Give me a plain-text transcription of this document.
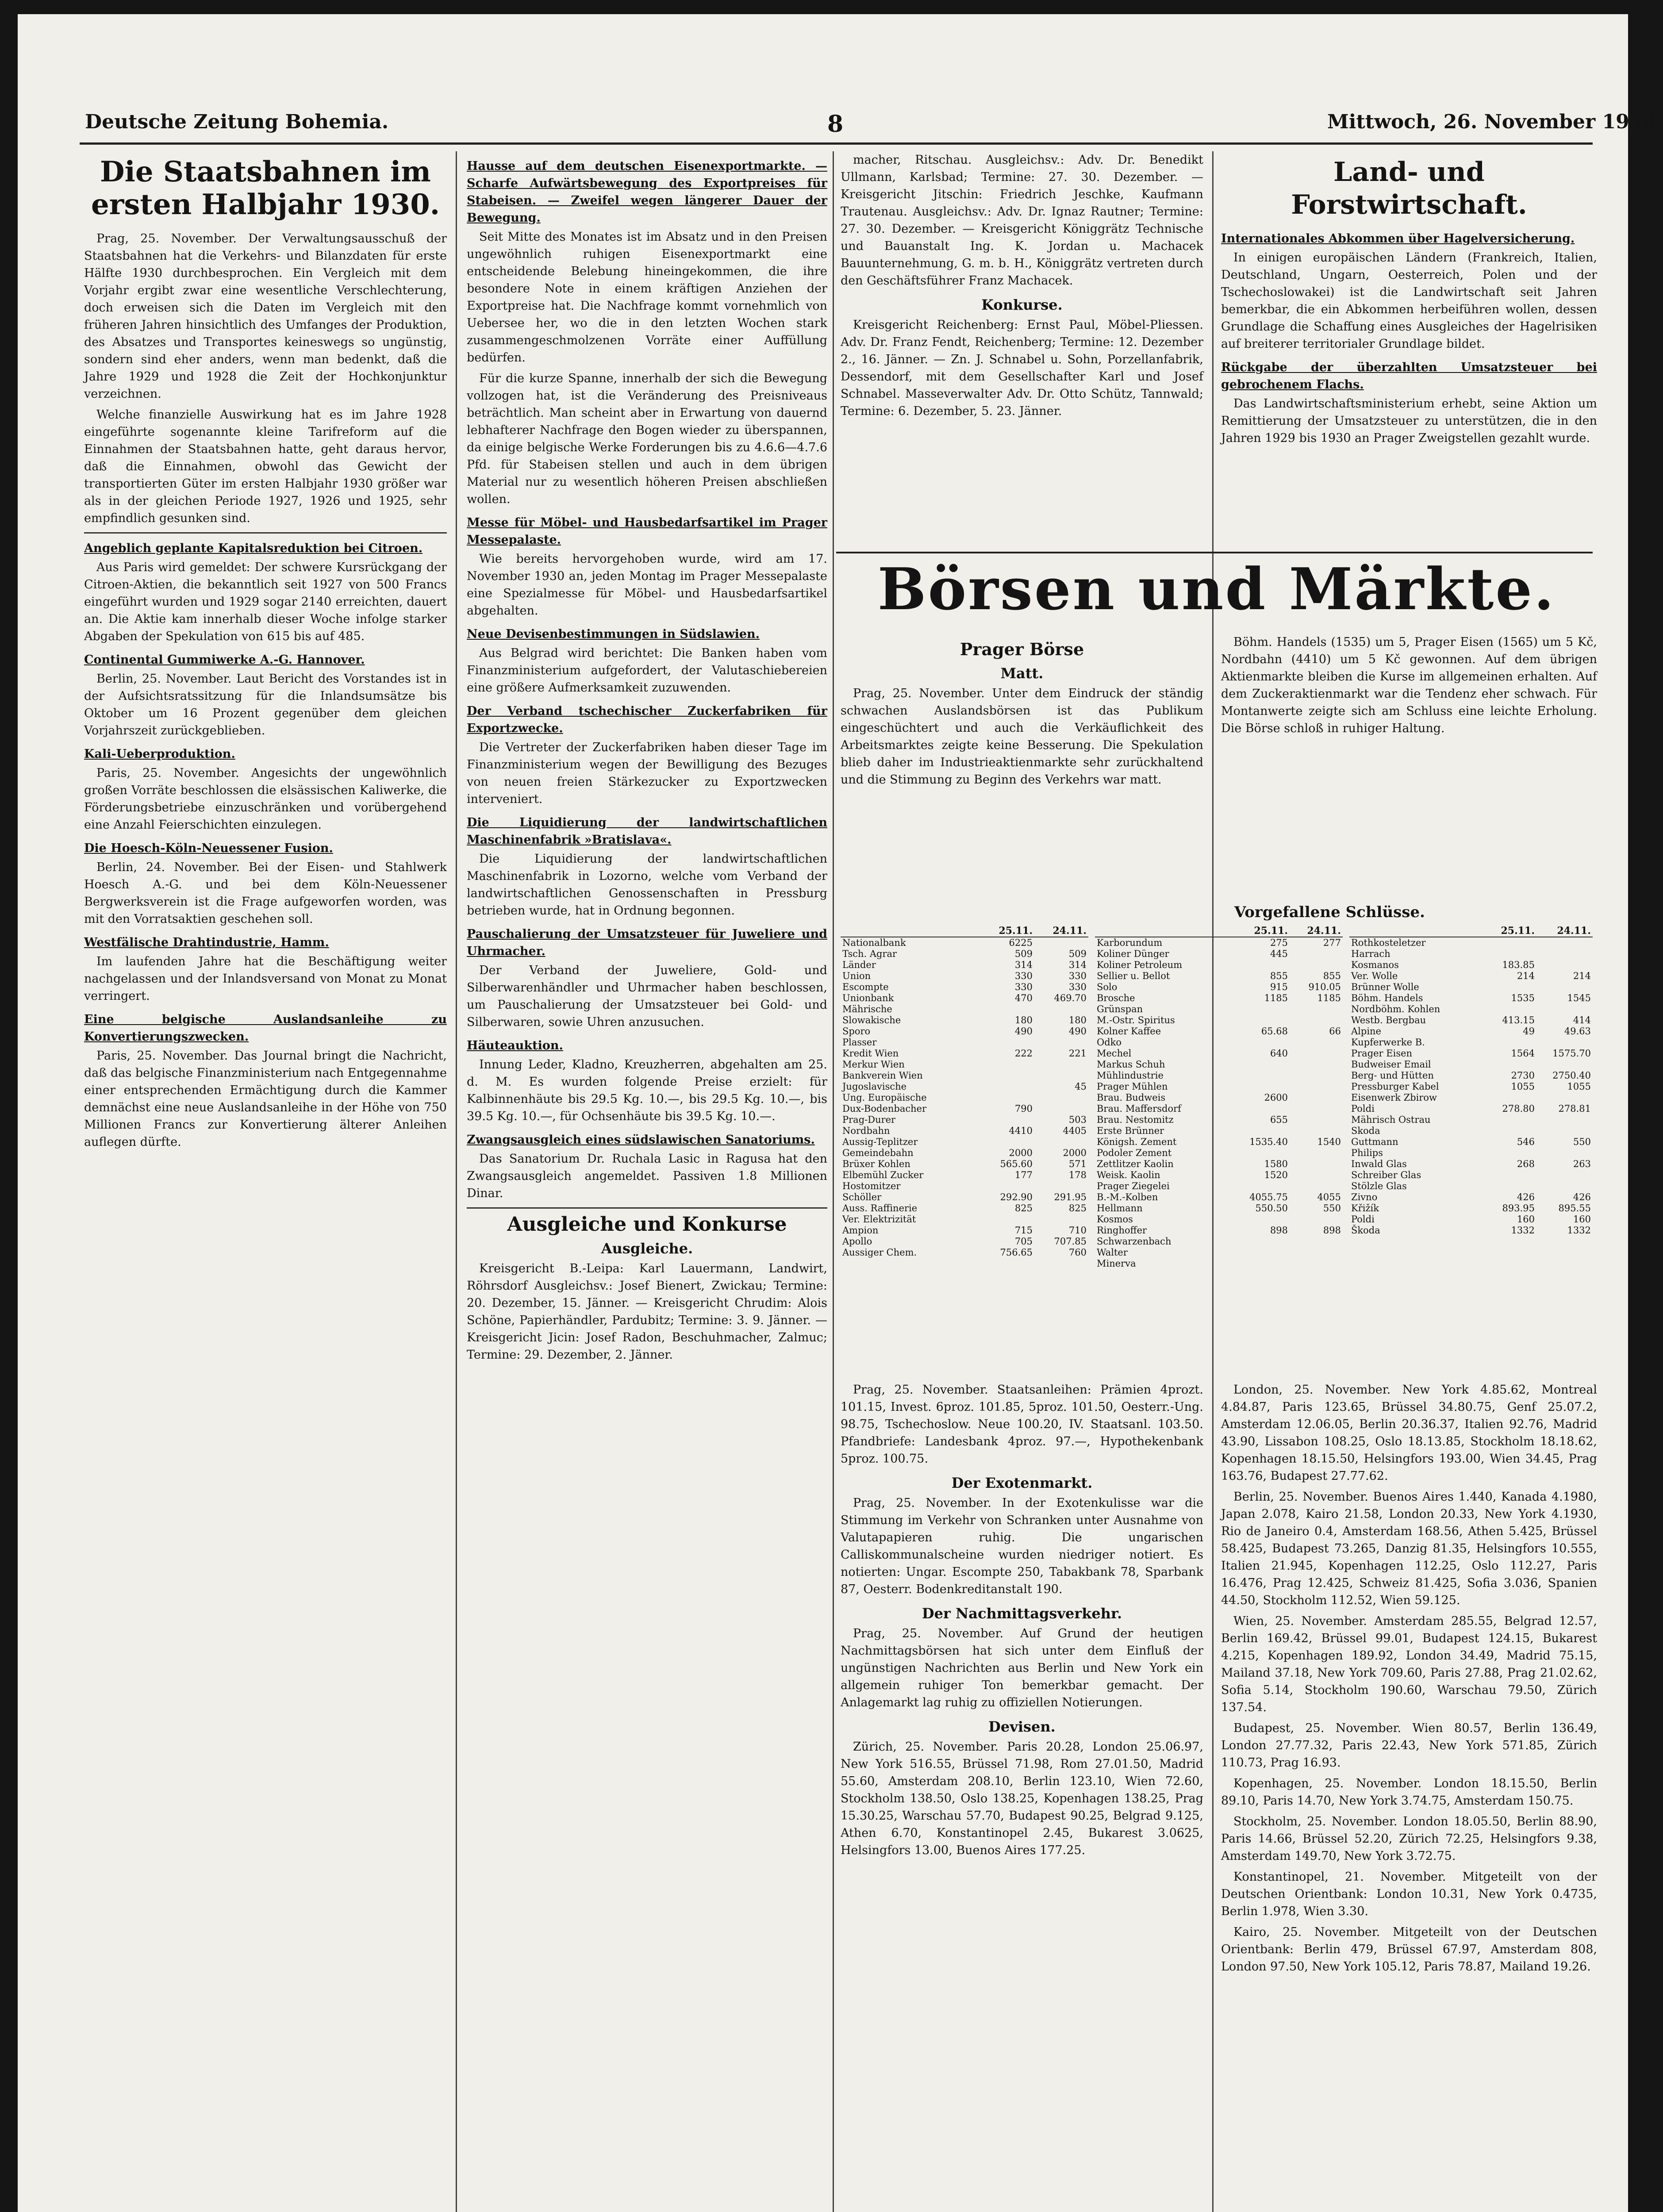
Deutsche Zeitung Bohemia.	8	Mittwoch, 26. November 1930.
Die Staatsbahnen im ersten Halbjahr 1930.

Prag, 25. November. Der Verwaltungsausschuß der Staatsbahnen hat die Verkehrs- und Bilanzdaten für erste Hälfte 1930 durchbesprochen. Ein Vergleich mit dem Vorjahr ergibt zwar eine wesentliche Verschlechterung, doch erweisen sich die Daten im Vergleich mit den früheren Jahren hinsichtlich des Umfanges der Produktion, des Absatzes und Transportes keineswegs so ungünstig, sondern sind eher anders, wenn man bedenkt, daß die Jahre 1929 und 1928 die Zeit der Hochkonjunktur verzeichnen.

Welche finanzielle Auswirkung hat es im Jahre 1928 eingeführte sogenannte kleine Tarifreform auf die Einnahmen der Staatsbahnen hatte, geht daraus hervor, daß die Einnahmen, obwohl das Gewicht der transportierten Güter im ersten Halbjahr 1930 größer war als in der gleichen Periode 1927, 1926 und 1925, sehr empfindlich gesunken sind.

Angeblich geplante Kapitalsreduktion bei Citroen.

Aus Paris wird gemeldet: Der schwere Kursrückgang der Citroen-Aktien, die bekanntlich seit 1927 von 500 Francs eingeführt wurden und 1929 sogar 2140 erreichten, dauert an. Die Aktie kam innerhalb dieser Woche infolge starker Abgaben der Spekulation von 615 bis auf 485.

Continental Gummiwerke A.-G. Hannover.

Berlin, 25. November. Laut Bericht des Vorstandes ist in der Aufsichtsratssitzung für die Inlandsumsätze bis Oktober um 16 Prozent gegenüber dem gleichen Vorjahrszeit zurückgeblieben.

Kali-Ueberproduktion.

Paris, 25. November. Angesichts der ungewöhnlich großen Vorräte beschlossen die elsässischen Kaliwerke, die Förderungsbetriebe einzuschränken und vorübergehend eine Anzahl Feierschichten einzulegen.

Die Hoesch-Köln-Neuessener Fusion.

Berlin, 24. November. Bei der Eisen- und Stahlwerk Hoesch A.-G. und bei dem Köln-Neuessener Bergwerksverein ist die Frage aufgeworfen worden, was mit den Vorratsaktien geschehen soll.

Westfälische Drahtindustrie, Hamm.

Im laufenden Jahre hat die Beschäftigung weiter nachgelassen und der Inlandsversand von Monat zu Monat verringert.

Eine belgische Auslandsanleihe zu Konvertierungszwecken.

Paris, 25. November. Das Journal bringt die Nachricht, daß das belgische Finanzministerium nach Entgegennahme einer entsprechenden Ermächtigung durch die Kammer demnächst eine neue Auslandsanleihe in der Höhe von 750 Millionen Francs zur Konvertierung älterer Anleihen auflegen dürfte.

Hausse auf dem deutschen Eisenexportmarkte. — Scharfe Aufwärtsbewegung des Exportpreises für Stabeisen. — Zweifel wegen längerer Dauer der Bewegung.

Seit Mitte des Monates ist im Absatz und in den Preisen ungewöhnlich ruhigen Eisenexportmarkt eine entscheidende Belebung hineingekommen, die ihre besondere Note in einem kräftigen Anziehen der Exportpreise hat. Die Nachfrage kommt vornehmlich von Uebersee her, wo die in den letzten Wochen stark zusammengeschmolzenen Vorräte einer Auffüllung bedürfen.

Für die kurze Spanne, innerhalb der sich die Bewegung vollzogen hat, ist die Veränderung des Preisniveaus beträchtlich. Man scheint aber in Erwartung von dauernd lebhafterer Nachfrage den Bogen wieder zu überspannen, da einige belgische Werke Forderungen bis zu 4.6.6—4.7.6 Pfd. für Stabeisen stellen und auch in dem übrigen Material nur zu wesentlich höheren Preisen abschließen wollen.

Messe für Möbel- und Hausbedarfsartikel im Prager Messepalaste.

Wie bereits hervorgehoben wurde, wird am 17. November 1930 an, jeden Montag im Prager Messepalaste eine Spezialmesse für Möbel- und Hausbedarfsartikel abgehalten.

Neue Devisenbestimmungen in Südslawien.

Aus Belgrad wird berichtet: Die Banken haben vom Finanzministerium aufgefordert, der Valutaschiebereien eine größere Aufmerksamkeit zuzuwenden.

Der Verband tschechischer Zuckerfabriken für Exportzwecke.

Die Vertreter der Zuckerfabriken haben dieser Tage im Finanzministerium wegen der Bewilligung des Bezuges von neuen freien Stärkezucker zu Exportzwecken interveniert.

Die Liquidierung der landwirtschaftlichen Maschinenfabrik »Bratislava«.

Die Liquidierung der landwirtschaftlichen Maschinenfabrik in Lozorno, welche vom Verband der landwirtschaftlichen Genossenschaften in Pressburg betrieben wurde, hat in Ordnung begonnen.

Pauschalierung der Umsatzsteuer für Juweliere und Uhrmacher.

Der Verband der Juweliere, Gold- und Silberwarenhändler und Uhrmacher haben beschlossen, um Pauschalierung der Umsatzsteuer bei Gold- und Silberwaren, sowie Uhren anzusuchen.

Häuteauktion.

Innung Leder, Kladno, Kreuzherren, abgehalten am 25. d. M. Es wurden folgende Preise erzielt: für Kalbinnenhäute bis 29.5 Kg. 10.—, bis 29.5 Kg. 10.—, bis 39.5 Kg. 10.—, für Ochsenhäute bis 39.5 Kg. 10.—.

Zwangsausgleich eines südslawischen Sanatoriums.

Das Sanatorium Dr. Ruchala Lasic in Ragusa hat den Zwangsausgleich angemeldet. Passiven 1.8 Millionen Dinar.

Ausgleiche und Konkurse
Ausgleiche.

Kreisgericht B.-Leipa: Karl Lauermann, Landwirt, Röhrsdorf Ausgleichsv.: Josef Bienert, Zwickau; Termine: 20. Dezember, 15. Jänner. — Kreisgericht Chrudim: Alois Schöne, Papierhändler, Pardubitz; Termine: 3. 9. Jänner. — Kreisgericht Jicin: Josef Radon, Beschuhmacher, Zalmuc; Termine: 29. Dezember, 2. Jänner.

macher, Ritschau. Ausgleichsv.: Adv. Dr. Benedikt Ullmann, Karlsbad; Termine: 27. 30. Dezember. — Kreisgericht Jitschin: Friedrich Jeschke, Kaufmann Trautenau. Ausgleichsv.: Adv. Dr. Ignaz Rautner; Termine: 27. 30. Dezember. — Kreisgericht Königgrätz Technische und Bauanstalt Ing. K. Jordan u. Machacek Bauunternehmung, G. m. b. H., Königgrätz vertreten durch den Geschäftsführer Franz Machacek.

Konkurse.

Kreisgericht Reichenberg: Ernst Paul, Möbel-Pliessen. Adv. Dr. Franz Fendt, Reichenberg; Termine: 12. Dezember 2., 16. Jänner. — Zn. J. Schnabel u. Sohn, Porzellanfabrik, Dessendorf, mit dem Gesellschafter Karl und Josef Schnabel. Masseverwalter Adv. Dr. Otto Schütz, Tannwald; Termine: 6. Dezember, 5. 23. Jänner.

Land- und Forstwirtschaft.
Internationales Abkommen über Hagelversicherung.

In einigen europäischen Ländern (Frankreich, Italien, Deutschland, Ungarn, Oesterreich, Polen und der Tschechoslowakei) ist die Landwirtschaft seit Jahren bemerkbar, die ein Abkommen herbeiführen wollen, dessen Grundlage die Schaffung eines Ausgleiches der Hagelrisiken auf breiterer territorialer Grundlage bildet.

Rückgabe der überzahlten Umsatzsteuer bei gebrochenem Flachs.

Das Landwirtschaftsministerium erhebt, seine Aktion um Remittierung der Umsatzsteuer zu unterstützen, die in den Jahren 1929 bis 1930 an Prager Zweigstellen gezahlt wurde.

Börsen und Märkte.
Prager Börse
Matt.

Prag, 25. November. Unter dem Eindruck der ständig schwachen Auslandsbörsen ist das Publikum eingeschüchtert und auch die Verkäuflichkeit des Arbeitsmarktes zeigte keine Besserung. Die Spekulation blieb daher im Industrieaktienmarkte sehr zurückhaltend und die Stimmung zu Beginn des Verkehrs war matt.

Böhm. Handels (1535) um 5, Prager Eisen (1565) um 5 Kč, Nordbahn (4410) um 5 Kč gewonnen. Auf dem übrigen Aktienmarkte bleiben die Kurse im allgemeinen erhalten. Auf dem Zuckeraktienmarkt war die Tendenz eher schwach. Für Montanwerte zeigte sich am Schluss eine leichte Erholung. Die Börse schloß in ruhiger Haltung.

Vorgefallene Schlüsse.
	25.11.	24.11.
Nationalbank	6225	
Tsch. Agrar	509	509
Länder	314	314
Union	330	330
Escompte	330	330
Unionbank	470	469.70
Mährische		
Slowakische	180	180
Sporo	490	490
Plasser		
Kredit Wien	222	221
Merkur Wien		
Bankverein Wien		
Jugoslavische		45
Ung. Europäische		
Dux-Bodenbacher	790	
Prag-Durer		503
Nordbahn	4410	4405
Aussig-Teplitzer		
Gemeindebahn	2000	2000
Brüxer Kohlen	565.60	571
Elbemühl Zucker	177	178
Hostomitzer		
Schöller	292.90	291.95
Auss. Raffinerie	825	825
Ver. Elektrizität		
Ampion	715	710
Apollo	705	707.85
Aussiger Chem.	756.65	760
	25.11.	24.11.
Karborundum	275	277
Koliner Dünger	445	
Koliner Petroleum		
Sellier u. Bellot	855	855
Solo	915	910.05
Brosche	1185	1185
Grünspan		
M.-Ostr. Spiritus		
Kolner Kaffee	65.68	66
Odko		
Mechel	640	
Markus Schuh		
Mühlindustrie		
Prager Mühlen		
Brau. Budweis	2600	
Brau. Maffersdorf		
Brau. Nestomitz	655	
Erste Brünner		
Königsh. Zement	1535.40	1540
Podoler Zement		
Zettlitzer Kaolin	1580	
Weisk. Kaolin	1520	
Prager Ziegelei		
B.-M.-Kolben	4055.75	4055
Hellmann	550.50	550
Kosmos		
Ringhoffer	898	898
Schwarzenbach		
Walter		
Minerva		
	25.11.	24.11.
Rothkosteletzer		
Harrach		
Kosmanos	183.85	
Ver. Wolle	214	214
Brünner Wolle		
Böhm. Handels	1535	1545
Nordböhm. Kohlen		
Westb. Bergbau	413.15	414
Alpine	49	49.63
Kupferwerke B.		
Prager Eisen	1564	1575.70
Budweiser Email		
Berg- und Hütten	2730	2750.40
Pressburger Kabel	1055	1055
Eisenwerk Zbirow		
Poldi	278.80	278.81
Mährisch Ostrau		
Skoda		
Guttmann	546	550
Philips		
Inwald Glas	268	263
Schreiber Glas		
Stölzle Glas		
Zivno	426	426
Křižík	893.95	895.55
Poldi	160	160
Škoda	1332	1332

Prag, 25. November. Staatsanleihen: Prämien 4prozt. 101.15, Invest. 6proz. 101.85, 5proz. 101.50, Oesterr.-Ung. 98.75, Tschechoslow. Neue 100.20, IV. Staatsanl. 103.50. Pfandbriefe: Landesbank 4proz. 97.—, Hypothekenbank 5proz. 100.75.

Der Exotenmarkt.

Prag, 25. November. In der Exotenkulisse war die Stimmung im Verkehr von Schranken unter Ausnahme von Valutapapieren ruhig. Die ungarischen Calliskommunalscheine wurden niedriger notiert. Es notierten: Ungar. Escompte 250, Tabakbank 78, Sparbank 87, Oesterr. Bodenkreditanstalt 190.

Der Nachmittagsverkehr.

Prag, 25. November. Auf Grund der heutigen Nachmittagsbörsen hat sich unter dem Einfluß der ungünstigen Nachrichten aus Berlin und New York ein allgemein ruhiger Ton bemerkbar gemacht. Der Anlagemarkt lag ruhig zu offiziellen Notierungen.

Devisen.

Zürich, 25. November. Paris 20.28, London 25.06.97, New York 516.55, Brüssel 71.98, Rom 27.01.50, Madrid 55.60, Amsterdam 208.10, Berlin 123.10, Wien 72.60, Stockholm 138.50, Oslo 138.25, Kopenhagen 138.25, Prag 15.30.25, Warschau 57.70, Budapest 90.25, Belgrad 9.125, Athen 6.70, Konstantinopel 2.45, Bukarest 3.0625, Helsingfors 13.00, Buenos Aires 177.25.

London, 25. November. New York 4.85.62, Montreal 4.84.87, Paris 123.65, Brüssel 34.80.75, Genf 25.07.2, Amsterdam 12.06.05, Berlin 20.36.37, Italien 92.76, Madrid 43.90, Lissabon 108.25, Oslo 18.13.85, Stockholm 18.18.62, Kopenhagen 18.15.50, Helsingfors 193.00, Wien 34.45, Prag 163.76, Budapest 27.77.62.

Berlin, 25. November. Buenos Aires 1.440, Kanada 4.1980, Japan 2.078, Kairo 21.58, London 20.33, New York 4.1930, Rio de Janeiro 0.4, Amsterdam 168.56, Athen 5.425, Brüssel 58.425, Budapest 73.265, Danzig 81.35, Helsingfors 10.555, Italien 21.945, Kopenhagen 112.25, Oslo 112.27, Paris 16.476, Prag 12.425, Schweiz 81.425, Sofia 3.036, Spanien 44.50, Stockholm 112.52, Wien 59.125.

Wien, 25. November. Amsterdam 285.55, Belgrad 12.57, Berlin 169.42, Brüssel 99.01, Budapest 124.15, Bukarest 4.215, Kopenhagen 189.92, London 34.49, Madrid 75.15, Mailand 37.18, New York 709.60, Paris 27.88, Prag 21.02.62, Sofia 5.14, Stockholm 190.60, Warschau 79.50, Zürich 137.54.

Budapest, 25. November. Wien 80.57, Berlin 136.49, London 27.77.32, Paris 22.43, New York 571.85, Zürich 110.73, Prag 16.93.

Kopenhagen, 25. November. London 18.15.50, Berlin 89.10, Paris 14.70, New York 3.74.75, Amsterdam 150.75.

Stockholm, 25. November. London 18.05.50, Berlin 88.90, Paris 14.66, Brüssel 52.20, Zürich 72.25, Helsingfors 9.38, Amsterdam 149.70, New York 3.72.75.

Konstantinopel, 21. November. Mitgeteilt von der Deutschen Orientbank: London 10.31, New York 0.4735, Berlin 1.978, Wien 3.30.

Kairo, 25. November. Mitgeteilt von der Deutschen Orientbank: Berlin 479, Brüssel 67.97, Amsterdam 808, London 97.50, New York 105.12, Paris 78.87, Mailand 19.26.
